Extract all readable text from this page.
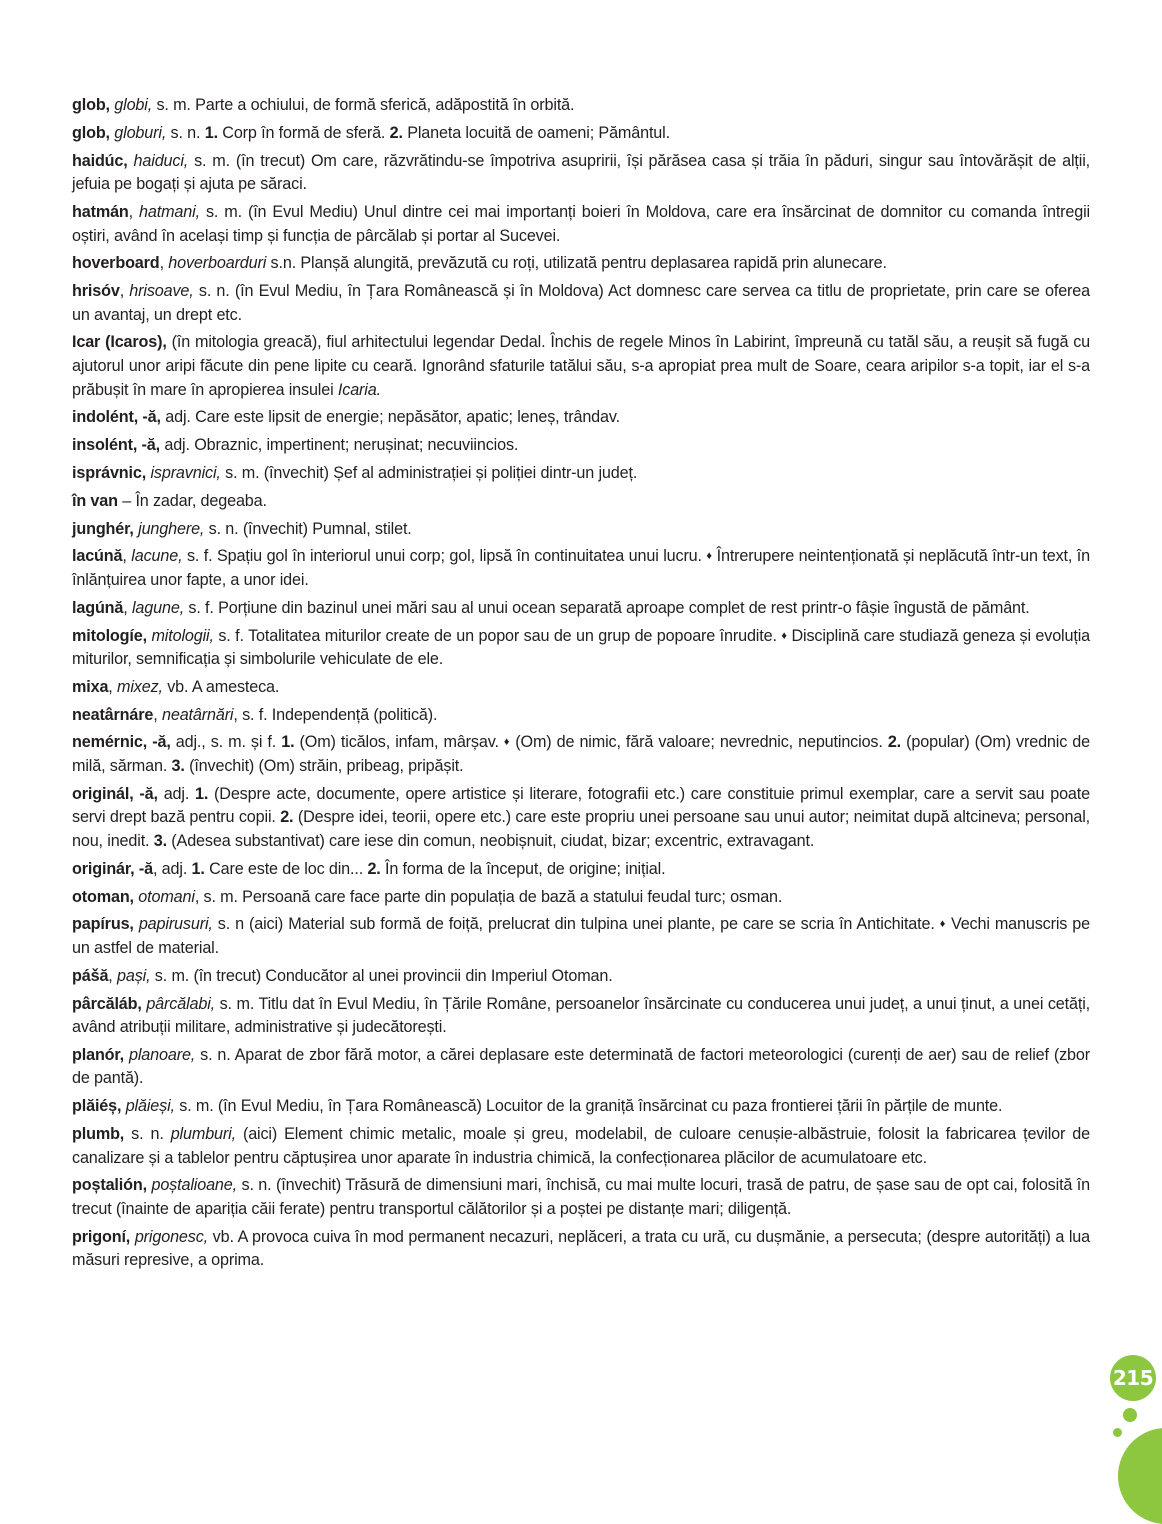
glob, globi, s. m. Parte a ochiului, de formă sferică, adăpostită în orbită.

glob, globuri, s. n. 1. Corp în formă de sferă. 2. Planeta locuită de oameni; Pământul.

haidúc, haiduci, s. m. (în trecut) Om care, răzvrătindu-se împotriva asupririi, își părăsea casa și trăia în păduri, singur sau întovărășit de alții, jefuia pe bogați și ajuta pe săraci.

hatmán, hatmani, s. m. (în Evul Mediu) Unul dintre cei mai importanți boieri în Moldova, care era însărcinat de domnitor cu comanda întregii oștiri, având în același timp și funcția de pârcălab și portar al Sucevei.

hoverboard, hoverboarduri s.n. Planșă alungită, prevăzută cu roți, utilizată pentru deplasarea rapidă prin alunecare.

hrisóv, hrisoave, s. n. (în Evul Mediu, în Țara Românească și în Moldova) Act domnesc care servea ca titlu de proprietate, prin care se oferea un avantaj, un drept etc.

Icar (Icaros), (în mitologia greacă), fiul arhitectului legendar Dedal. Închis de regele Minos în Labirint, împreună cu tatăl său, a reușit să fugă cu ajutorul unor aripi făcute din pene lipite cu ceară. Ignorând sfaturile tatălui său, s-a apropiat prea mult de Soare, ceara aripilor s-a topit, iar el s-a prăbușit în mare în apropierea insulei Icaria.

indolént, -ă, adj. Care este lipsit de energie; nepăsător, apatic; leneș, trândav.

insolént, -ă, adj. Obraznic, impertinent; nerușinat; necuviincios.

isprávnic, ispravnici, s. m. (învechit) Șef al administrației și poliției dintr-un județ.

în van – În zadar, degeaba.

junghér, junghere, s. n. (învechit) Pumnal, stilet.

lacúnă, lacune, s. f. Spațiu gol în interiorul unui corp; gol, lipsă în continuitatea unui lucru. ♦ Întrerupere neintenționată și neplăcută într-un text, în înlănțuirea unor fapte, a unor idei.

lagúnă, lagune, s. f. Porțiune din bazinul unei mări sau al unui ocean separată aproape complet de rest printr-o fâșie îngustă de pământ.

mitologíe, mitologii, s. f. Totalitatea miturilor create de un popor sau de un grup de popoare înrudite. ♦ Disciplină care studiază geneza și evoluția miturilor, semnificația și simbolurile vehiculate de ele.

mixa, mixez, vb. A amesteca.

neatârnáre, neatârnări, s. f. Independență (politică).

nemérnic, -ă, adj., s. m. și f. 1. (Om) ticălos, infam, mârșav. ♦ (Om) de nimic, fără valoare; nevrednic, neputincios. 2. (popular) (Om) vrednic de milă, sărman. 3. (învechit) (Om) străin, pribeag, pripășit.

originál, -ă, adj. 1. (Despre acte, documente, opere artistice și literare, fotografii etc.) care constituie primul exemplar, care a servit sau poate servi drept bază pentru copii. 2. (Despre idei, teorii, opere etc.) care este propriu unei persoane sau unui autor; neimitat după altcineva; personal, nou, inedit. 3. (Adesea substantivat) care iese din comun, neobișnuit, ciudat, bizar; excentric, extravagant.

originár, -ă, adj. 1. Care este de loc din... 2. În forma de la început, de origine; inițial.

otoman, otomani, s. m. Persoană care face parte din populația de bază a statului feudal turc; osman.

papírus, papirusuri, s. n (aici) Material sub formă de foiță, prelucrat din tulpina unei plante, pe care se scria în Antichitate. ♦ Vechi manuscris pe un astfel de material.

pášă, pași, s. m. (în trecut) Conducător al unei provincii din Imperiul Otoman.

pârcăláb, pârcălabi, s. m. Titlu dat în Evul Mediu, în Țările Române, persoanelor însărcinate cu conducerea unui județ, a unui ținut, a unei cetăți, având atribuții militare, administrative și judecătorești.

planór, planoare, s. n. Aparat de zbor fără motor, a cărei deplasare este determinată de factori meteorologici (curenți de aer) sau de relief (zbor de pantă).

plăiéș, plăieși, s. m. (în Evul Mediu, în Țara Românească) Locuitor de la graniță însărcinat cu paza frontierei țării în părțile de munte.

plumb, s. n. plumburi, (aici) Element chimic metalic, moale și greu, modelabil, de culoare cenușie-albăstruie, folosit la fabricarea țevilor de canalizare și a tablelor pentru căptușirea unor aparate în industria chimică, la confecționarea plăcilor de acumulatoare etc.

poștalión, poștalioane, s. n. (învechit) Trăsură de dimensiuni mari, închisă, cu mai multe locuri, trasă de patru, de șase sau de opt cai, folosită în trecut (înainte de apariția căii ferate) pentru transportul călătorilor și a poștei pe distanțe mari; diligență.

prigoní, prigonesc, vb. A provoca cuiva în mod permanent necazuri, neplăceri, a trata cu ură, cu dușmănie, a persecuta; (despre autorități) a lua măsuri represive, a oprima.

215
